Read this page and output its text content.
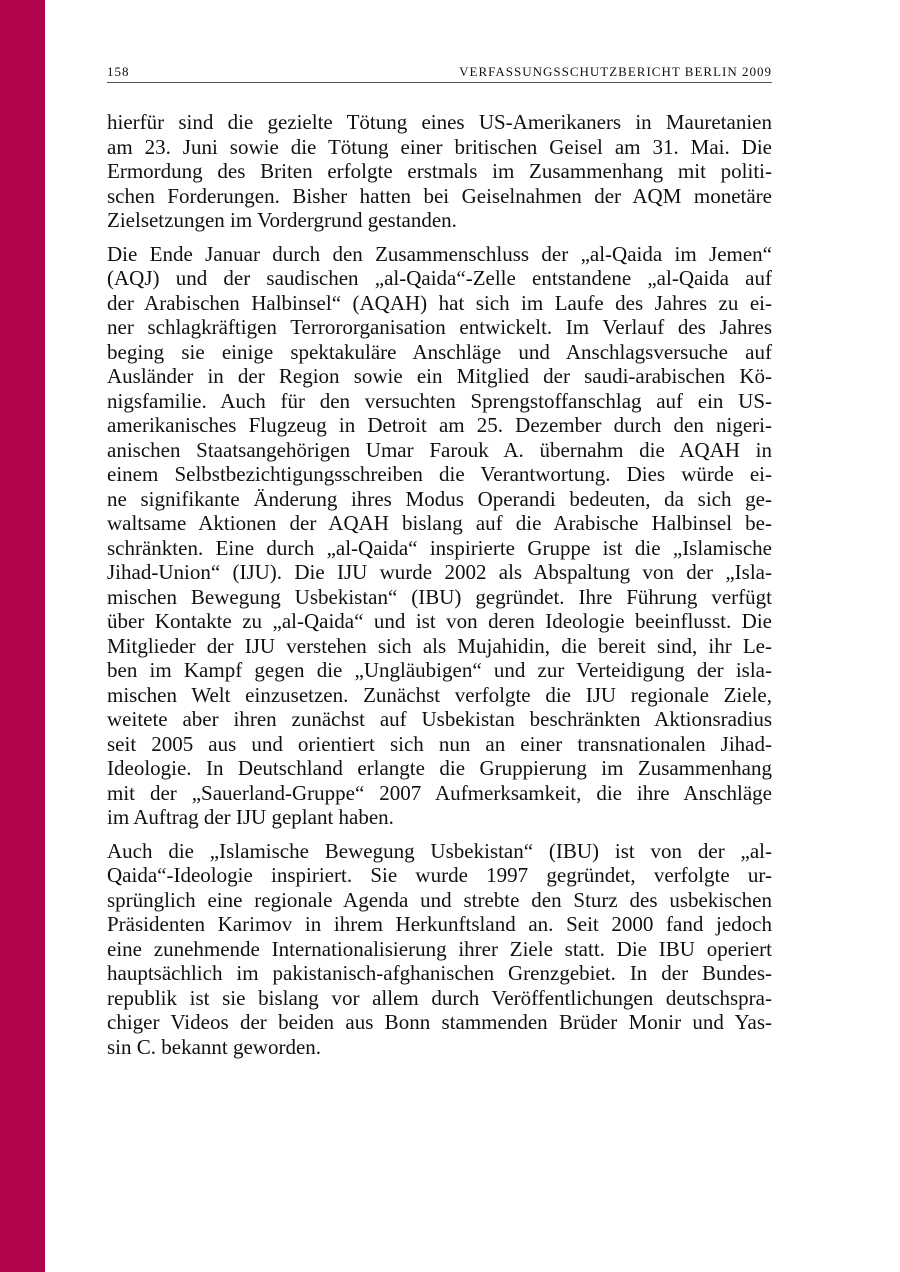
158	VERFASSUNGSSCHUTZBERICHT BERLIN 2009
hierfür sind die gezielte Tötung eines US-Amerikaners in Mauretanien
am 23. Juni sowie die Tötung einer britischen Geisel am 31. Mai. Die
Ermordung des Briten erfolgte erstmals im Zusammenhang mit politi-
schen Forderungen. Bisher hatten bei Geiselnahmen der AQM monetäre
Zielsetzungen im Vordergrund gestanden.
Die Ende Januar durch den Zusammenschluss der „al-Qaida im Jemen“
(AQJ) und der saudischen „al-Qaida“-Zelle entstandene „al-Qaida auf
der Arabischen Halbinsel“ (AQAH) hat sich im Laufe des Jahres zu ei-
ner schlagkräftigen Terrororganisation entwickelt. Im Verlauf des Jahres
beging sie einige spektakuläre Anschläge und Anschlagsversuche auf
Ausländer in der Region sowie ein Mitglied der saudi-arabischen Kö-
nigsfamilie. Auch für den versuchten Sprengstoffanschlag auf ein US-
amerikanisches Flugzeug in Detroit am 25. Dezember durch den nigeri-
anischen Staatsangehörigen Umar Farouk A. übernahm die AQAH in
einem Selbstbezichtigungsschreiben die Verantwortung. Dies würde ei-
ne signifikante Änderung ihres Modus Operandi bedeuten, da sich ge-
waltsame Aktionen der AQAH bislang auf die Arabische Halbinsel be-
schränkten. Eine durch „al-Qaida“ inspirierte Gruppe ist die „Islamische
Jihad-Union“ (IJU). Die IJU wurde 2002 als Abspaltung von der „Isla-
mischen Bewegung Usbekistan“ (IBU) gegründet. Ihre Führung verfügt
über Kontakte zu „al-Qaida“ und ist von deren Ideologie beeinflusst. Die
Mitglieder der IJU verstehen sich als Mujahidin, die bereit sind, ihr Le-
ben im Kampf gegen die „Ungläubigen“ und zur Verteidigung der isla-
mischen Welt einzusetzen. Zunächst verfolgte die IJU regionale Ziele,
weitete aber ihren zunächst auf Usbekistan beschränkten Aktionsradius
seit 2005 aus und orientiert sich nun an einer transnationalen Jihad-
Ideologie. In Deutschland erlangte die Gruppierung im Zusammenhang
mit der „Sauerland-Gruppe“ 2007 Aufmerksamkeit, die ihre Anschläge
im Auftrag der IJU geplant haben.
Auch die „Islamische Bewegung Usbekistan“ (IBU) ist von der „al-
Qaida“-Ideologie inspiriert. Sie wurde 1997 gegründet, verfolgte ur-
sprünglich eine regionale Agenda und strebte den Sturz des usbekischen
Präsidenten Karimov in ihrem Herkunftsland an. Seit 2000 fand jedoch
eine zunehmende Internationalisierung ihrer Ziele statt. Die IBU operiert
hauptsächlich im pakistanisch-afghanischen Grenzgebiet. In der Bundes-
republik ist sie bislang vor allem durch Veröffentlichungen deutschspra-
chiger Videos der beiden aus Bonn stammenden Brüder Monir und Yas-
sin C. bekannt geworden.
